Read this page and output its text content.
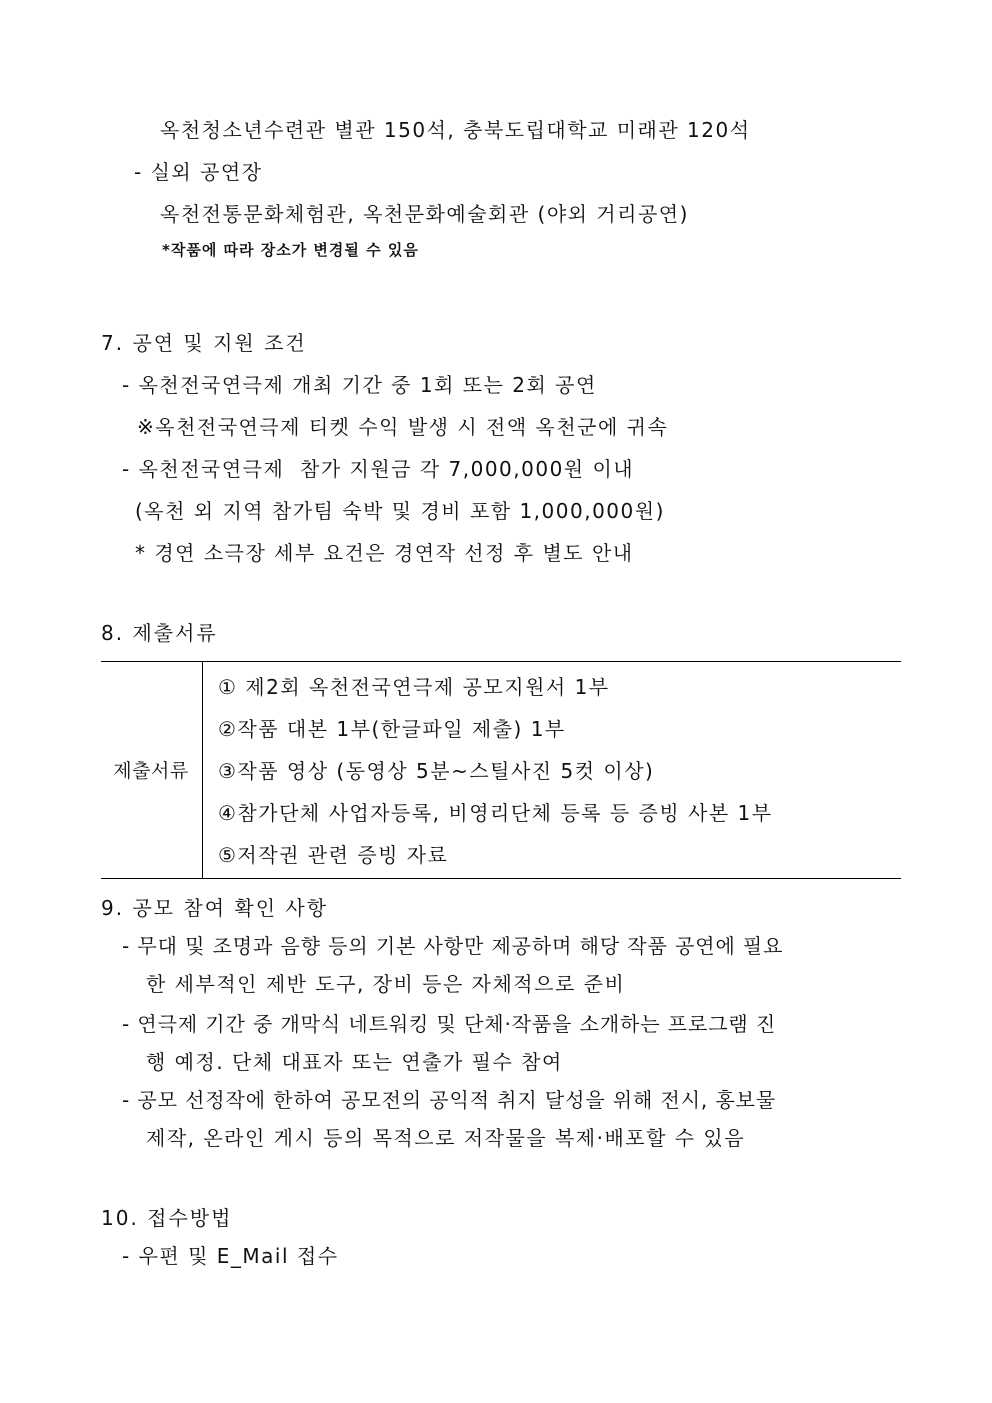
옥천청소년수련관 별관 150석, 충북도립대학교 미래관 120석
- 실외 공연장
옥천전통문화체험관, 옥천문화예술회관 (야외 거리공연)
*작품에 따라 장소가 변경될 수 있음
7. 공연 및 지원 조건
- 옥천전국연극제 개최 기간 중 1회 또는 2회 공연
※옥천전국연극제 티켓 수익 발생 시 전액 옥천군에 귀속
- 옥천전국연극제  참가 지원금 각 7,000,000원 이내
(옥천 외 지역 참가팀 숙박 및 경비 포함 1,000,000원)
* 경연 소극장 세부 요건은 경연작 선정 후 별도 안내
8. 제출서류
제출서류
① 제2회 옥천전국연극제 공모지원서 1부
②작품 대본 1부(한글파일 제출) 1부
③작품 영상 (동영상 5분~스틸사진 5컷 이상)
④참가단체 사업자등록, 비영리단체 등록 등 증빙 사본 1부
⑤저작권 관련 증빙 자료
9. 공모 참여 확인 사항
- 무대 및 조명과 음향 등의 기본 사항만 제공하며 해당 작품 공연에 필요
한 세부적인 제반 도구, 장비 등은 자체적으로 준비
- 연극제 기간 중 개막식 네트워킹 및 단체·작품을 소개하는 프로그램 진
행 예정. 단체 대표자 또는 연출가 필수 참여
- 공모 선정작에 한하여 공모전의 공익적 취지 달성을 위해 전시, 홍보물
제작, 온라인 게시 등의 목적으로 저작물을 복제·배포할 수 있음
10. 접수방법
- 우편 및 E_Mail 접수
